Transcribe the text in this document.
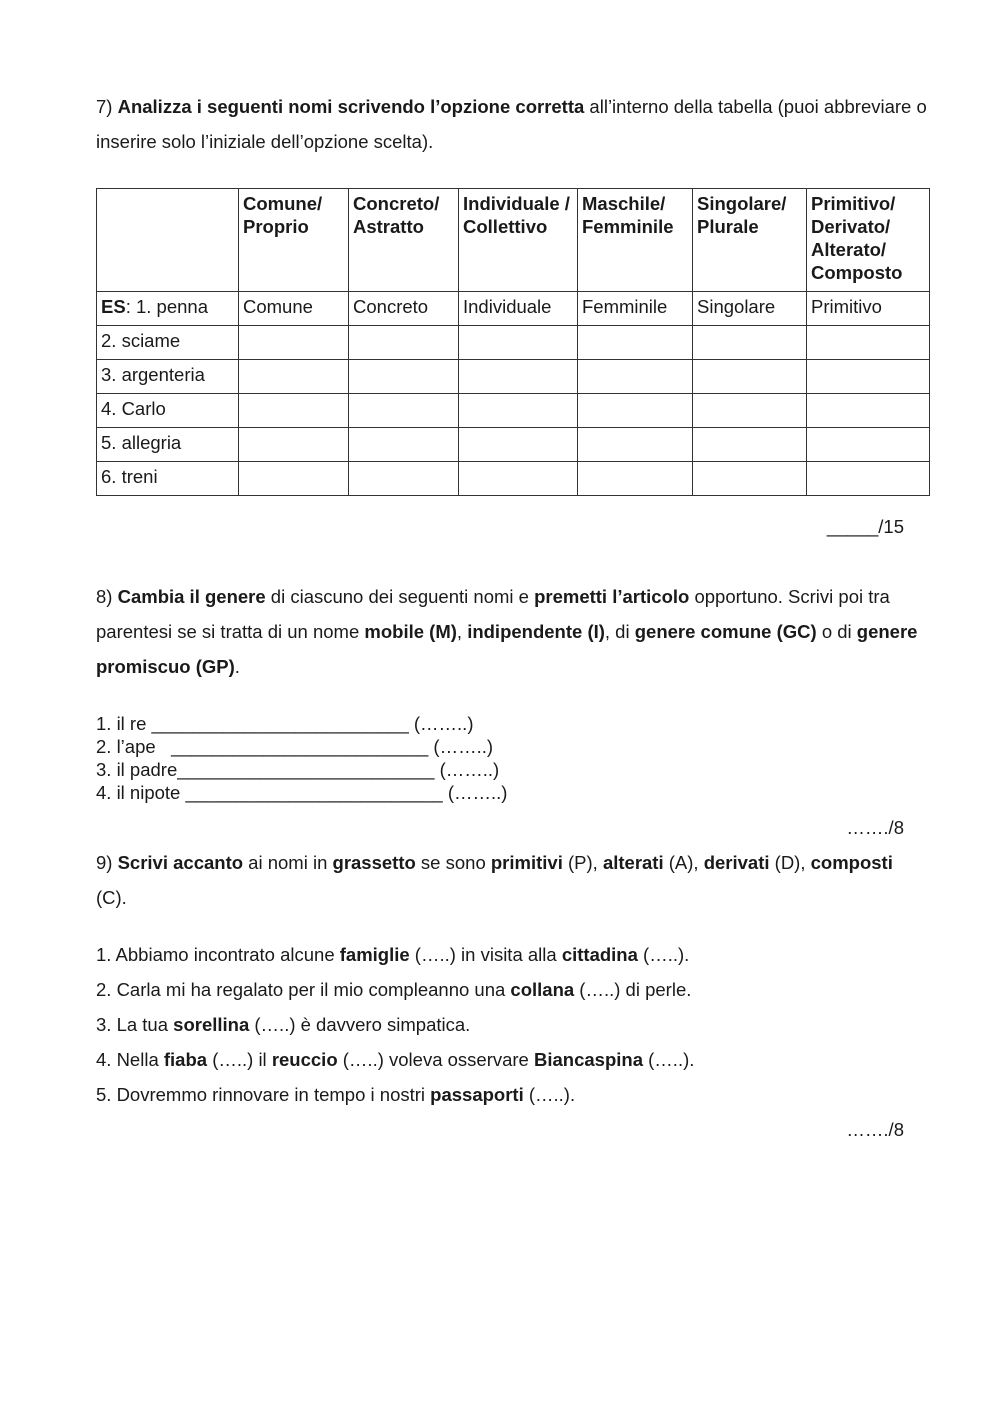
7) Analizza i seguenti nomi scrivendo l’opzione corretta all’interno della tabella (puoi abbreviare o inserire solo l’iniziale dell’opzione scelta).

	Comune/ Proprio	Concreto/ Astratto	Individuale / Collettivo	Maschile/ Femminile	Singolare/ Plurale	Primitivo/ Derivato/ Alterato/ Composto
ES: 1. penna	Comune	Concreto	Individuale	Femminile	Singolare	Primitivo
2. sciame						
3. argenteria						
4. Carlo						
5. allegria						
6. treni						
_____/15

8) Cambia il genere di ciascuno dei seguenti nomi e premetti l’articolo opportuno. Scrivi poi tra parentesi se si tratta di un nome mobile (M), indipendente (I), di genere comune (GC) o di genere promiscuo (GP).

1. il re _________________________ (……..)
2. l’ape   _________________________ (……..)
3. il padre_________________________ (……..)
4. il nipote _________________________ (……..)
……./8

9) Scrivi accanto ai nomi in grassetto se sono primitivi (P), alterati (A), derivati (D), composti (C).

1. Abbiamo incontrato alcune famiglie (…..) in visita alla cittadina (…..).
2. Carla mi ha regalato per il mio compleanno una collana (…..) di perle.
3. La tua sorellina (…..) è davvero simpatica.
4. Nella fiaba (…..) il reuccio (…..) voleva osservare Biancaspina (…..).
5. Dovremmo rinnovare in tempo i nostri passaporti (…..).
……./8
